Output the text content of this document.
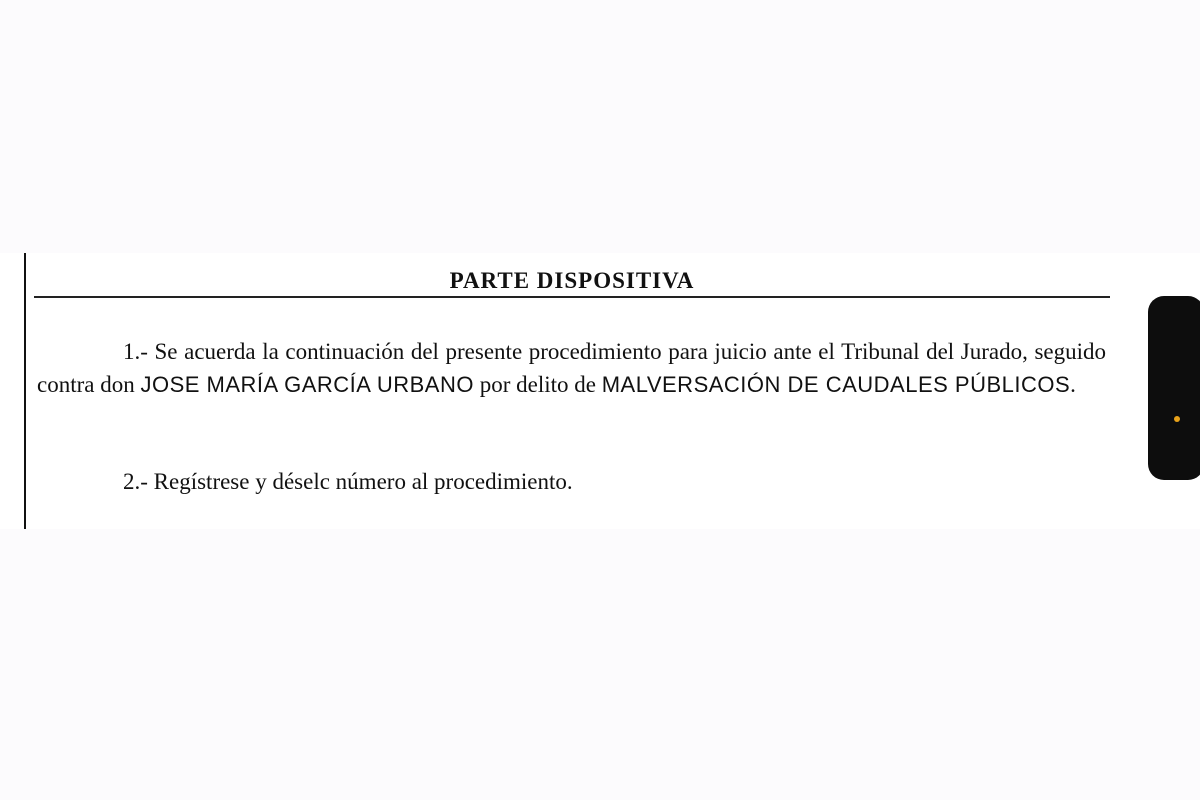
PARTE DISPOSITIVA

1.- Se acuerda la continuación del presente procedimiento para juicio ante el Tribunal del Jurado, seguido contra don JOSE MARÍA GARCÍA URBANO por delito de MALVERSACIÓN DE CAUDALES PÚBLICOS.

2.- Regístrese y déselc número al procedimiento.
